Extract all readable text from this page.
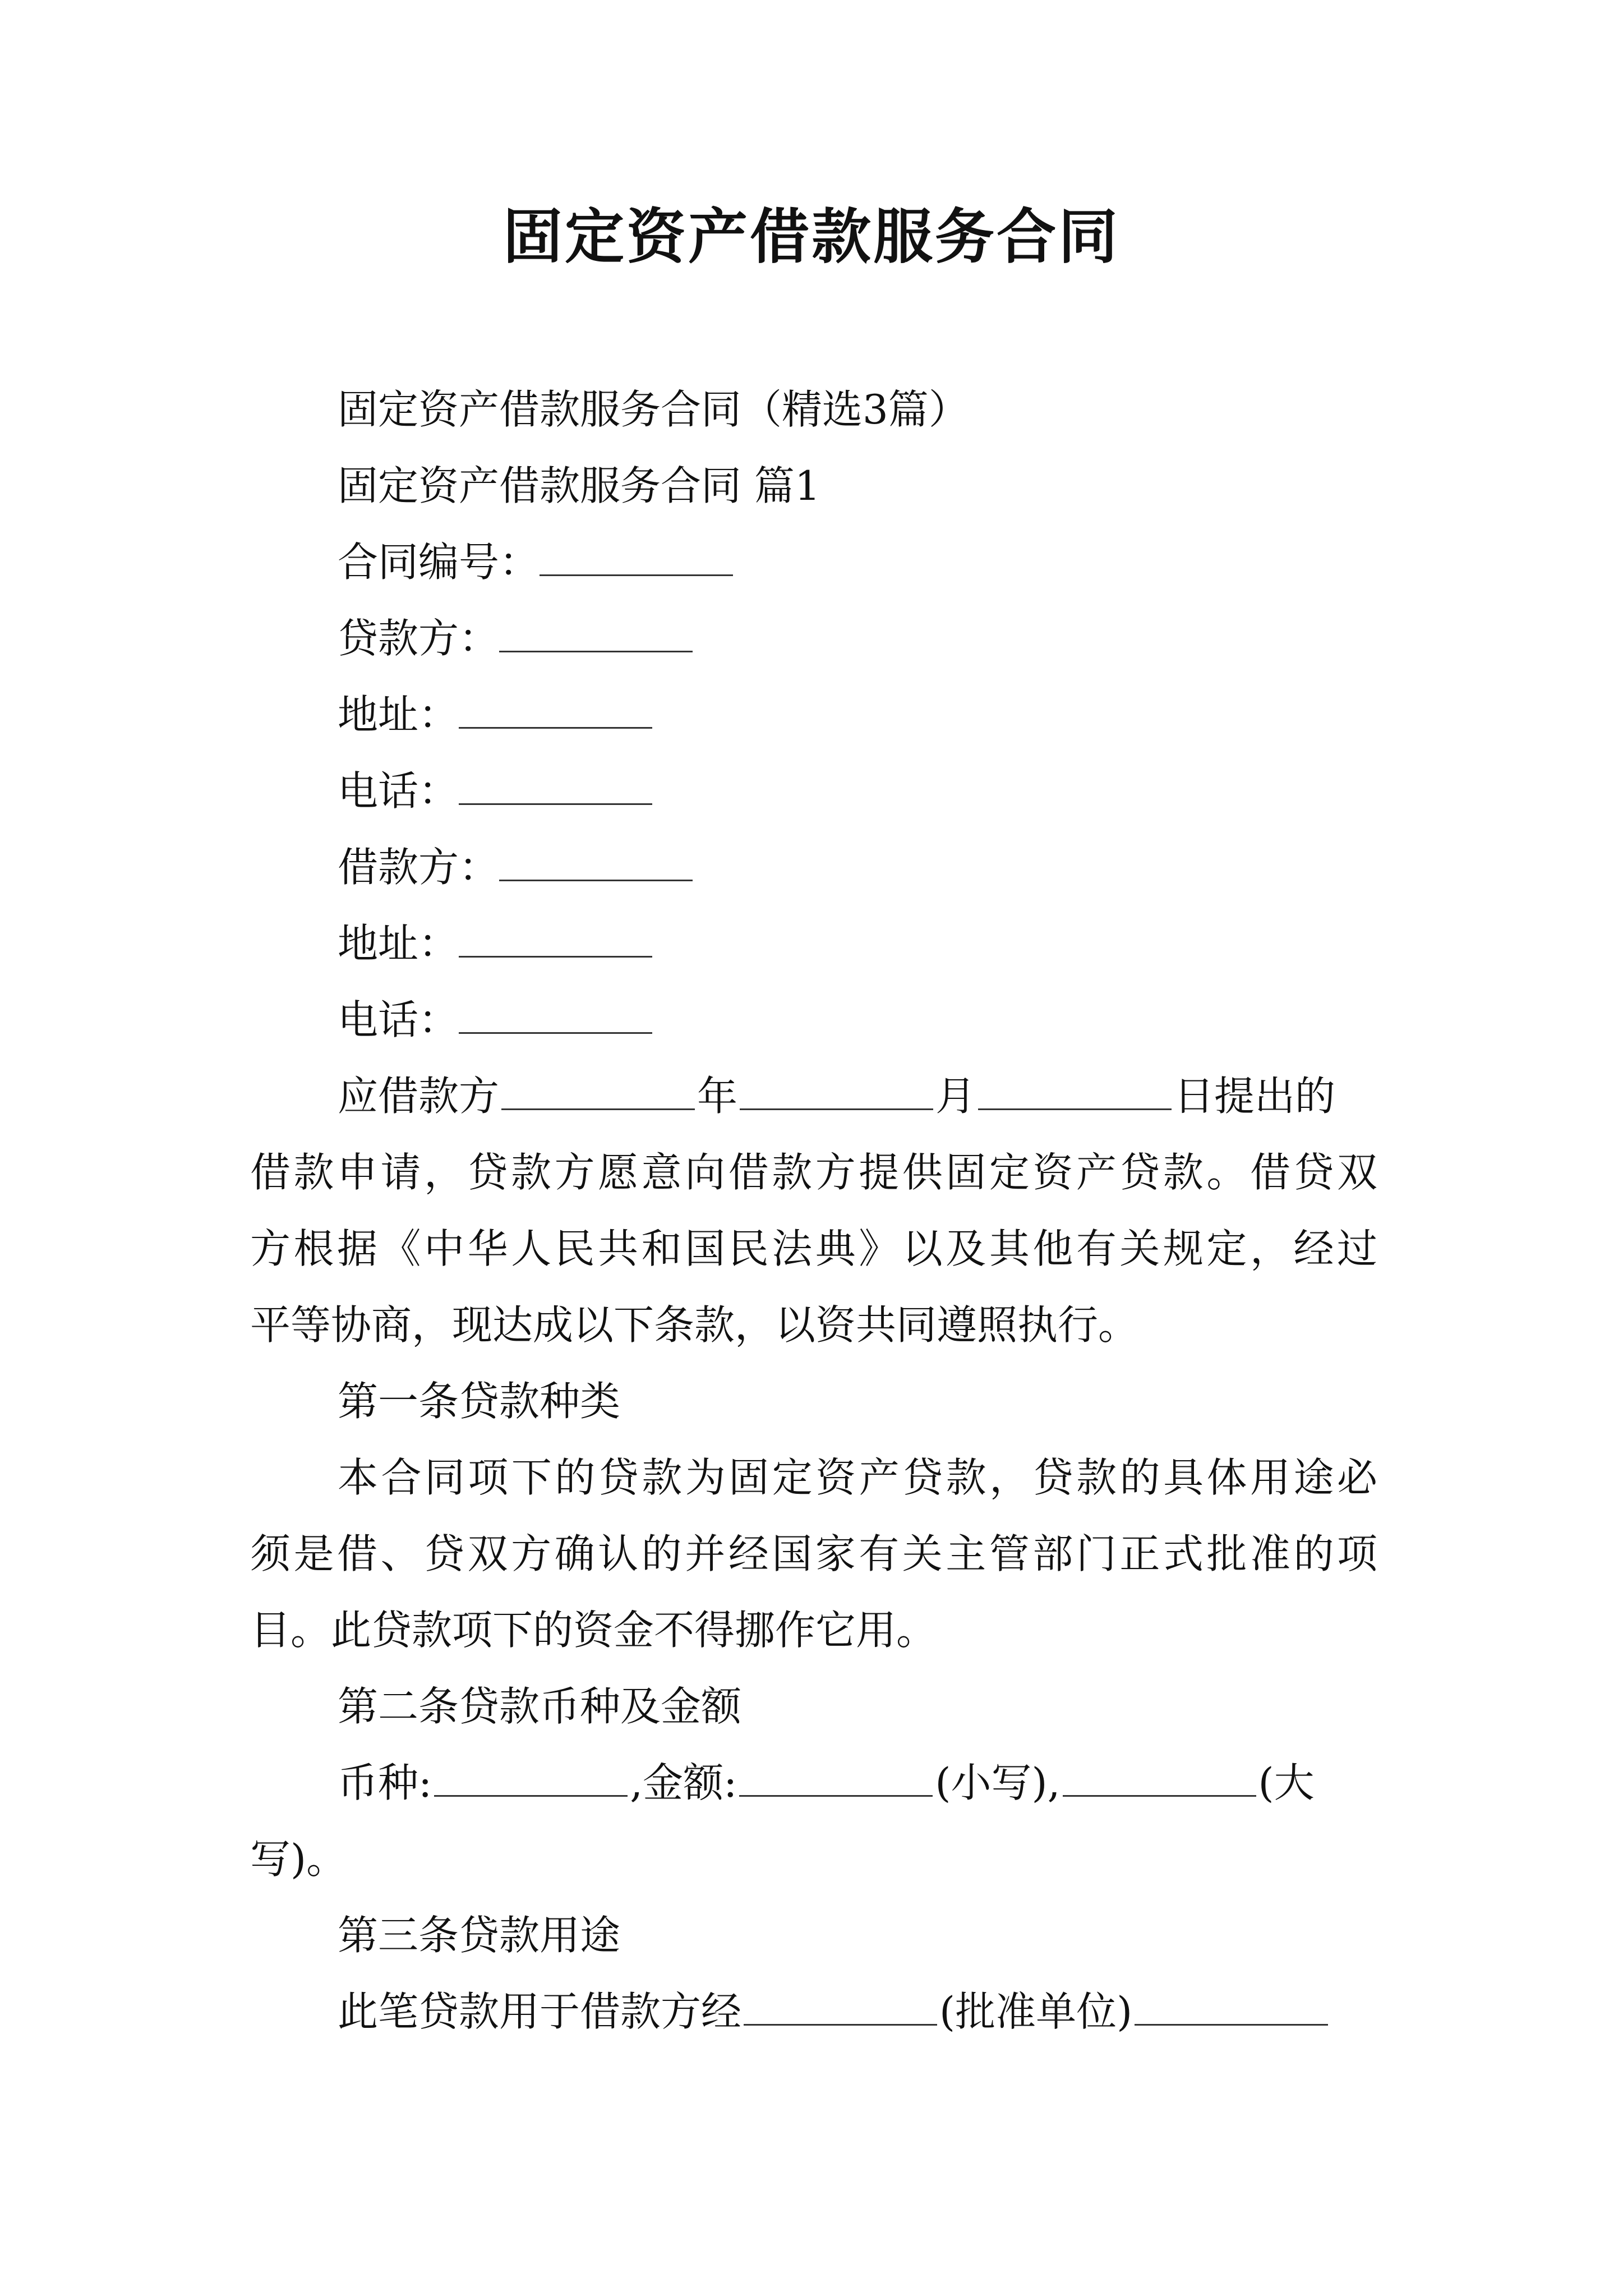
固定资产借款服务合同
固定资产借款服务合同（精选3篇）
固定资产借款服务合同 篇1
合同编号：
贷款方：
地址：
电话：
借款方：
地址：
电话：
应借款方	年	月	日提出的
借款申请，贷款方愿意向借款方提供固定资产贷款。借贷双
方根据《中华人民共和国民法典》以及其他有关规定，经过
平等协商，现达成以下条款，以资共同遵照执行。
第一条贷款种类
本合同项下的贷款为固定资产贷款，贷款的具体用途必
须是借、贷双方确认的并经国家有关主管部门正式批准的项
目。此贷款项下的资金不得挪作它用。
第二条贷款币种及金额
币种:	,金额:	(小写),	(大
写)。
第三条贷款用途
此笔贷款用于借款方经	(批准单位)
